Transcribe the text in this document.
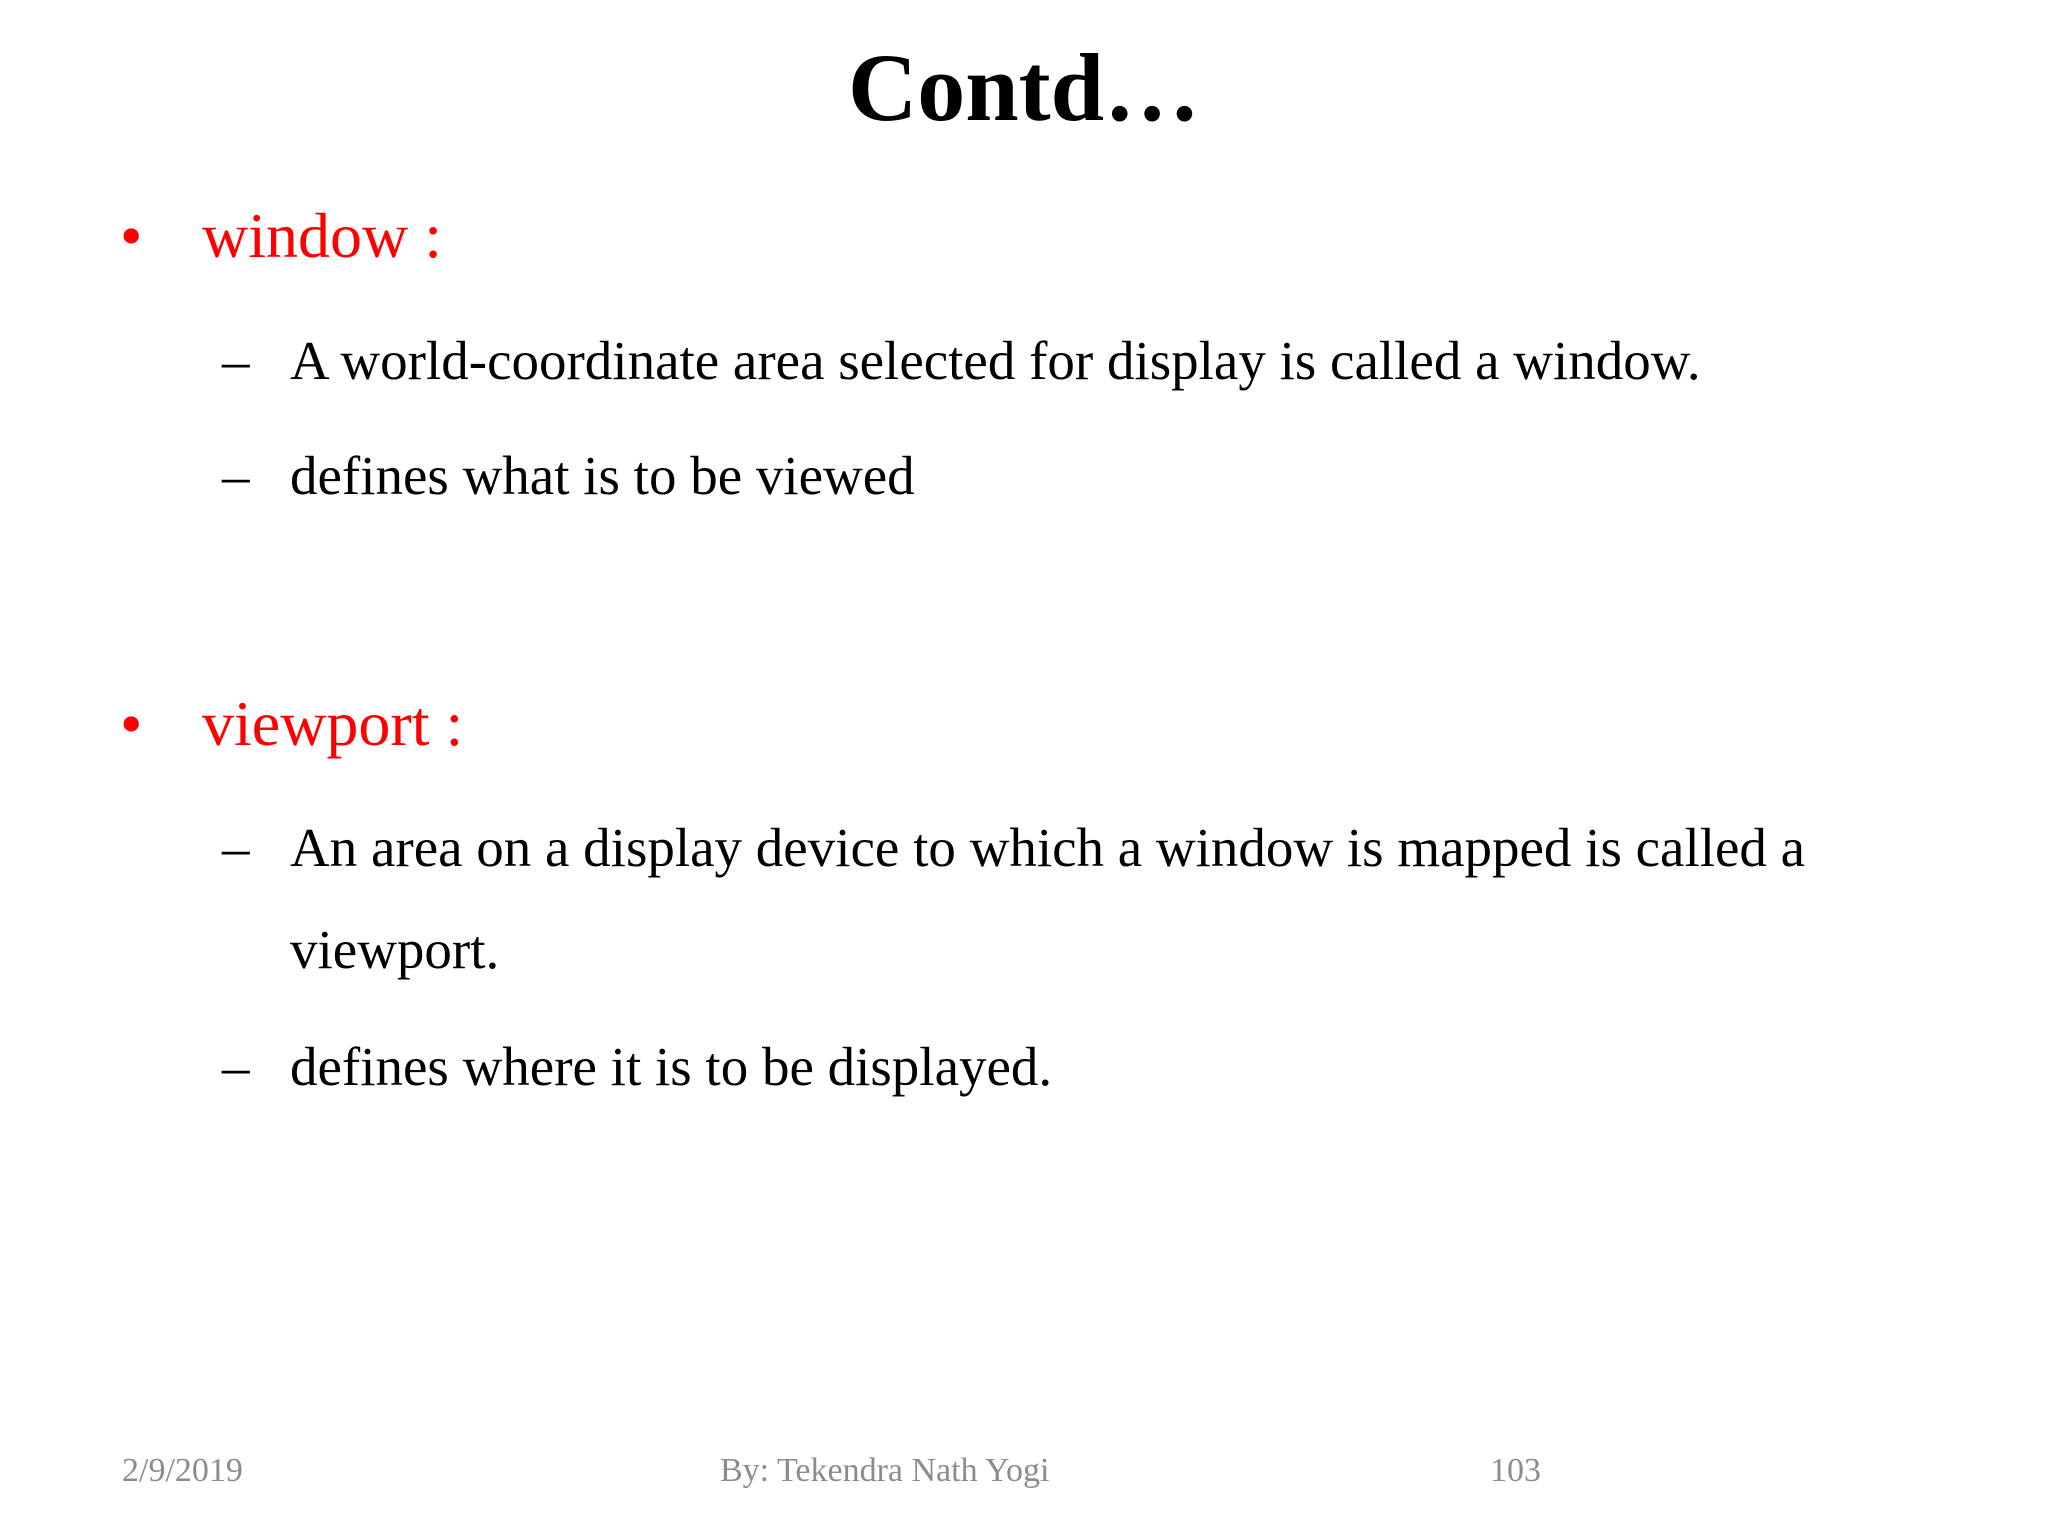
Contd…
• window :
– A world-coordinate area selected for display is called a window.
– defines what is to be viewed
• viewport :
– An area on a display device to which a window is mapped is called a viewport.
– defines where it is to be displayed.
2/9/2019	By: Tekendra Nath Yogi	103
